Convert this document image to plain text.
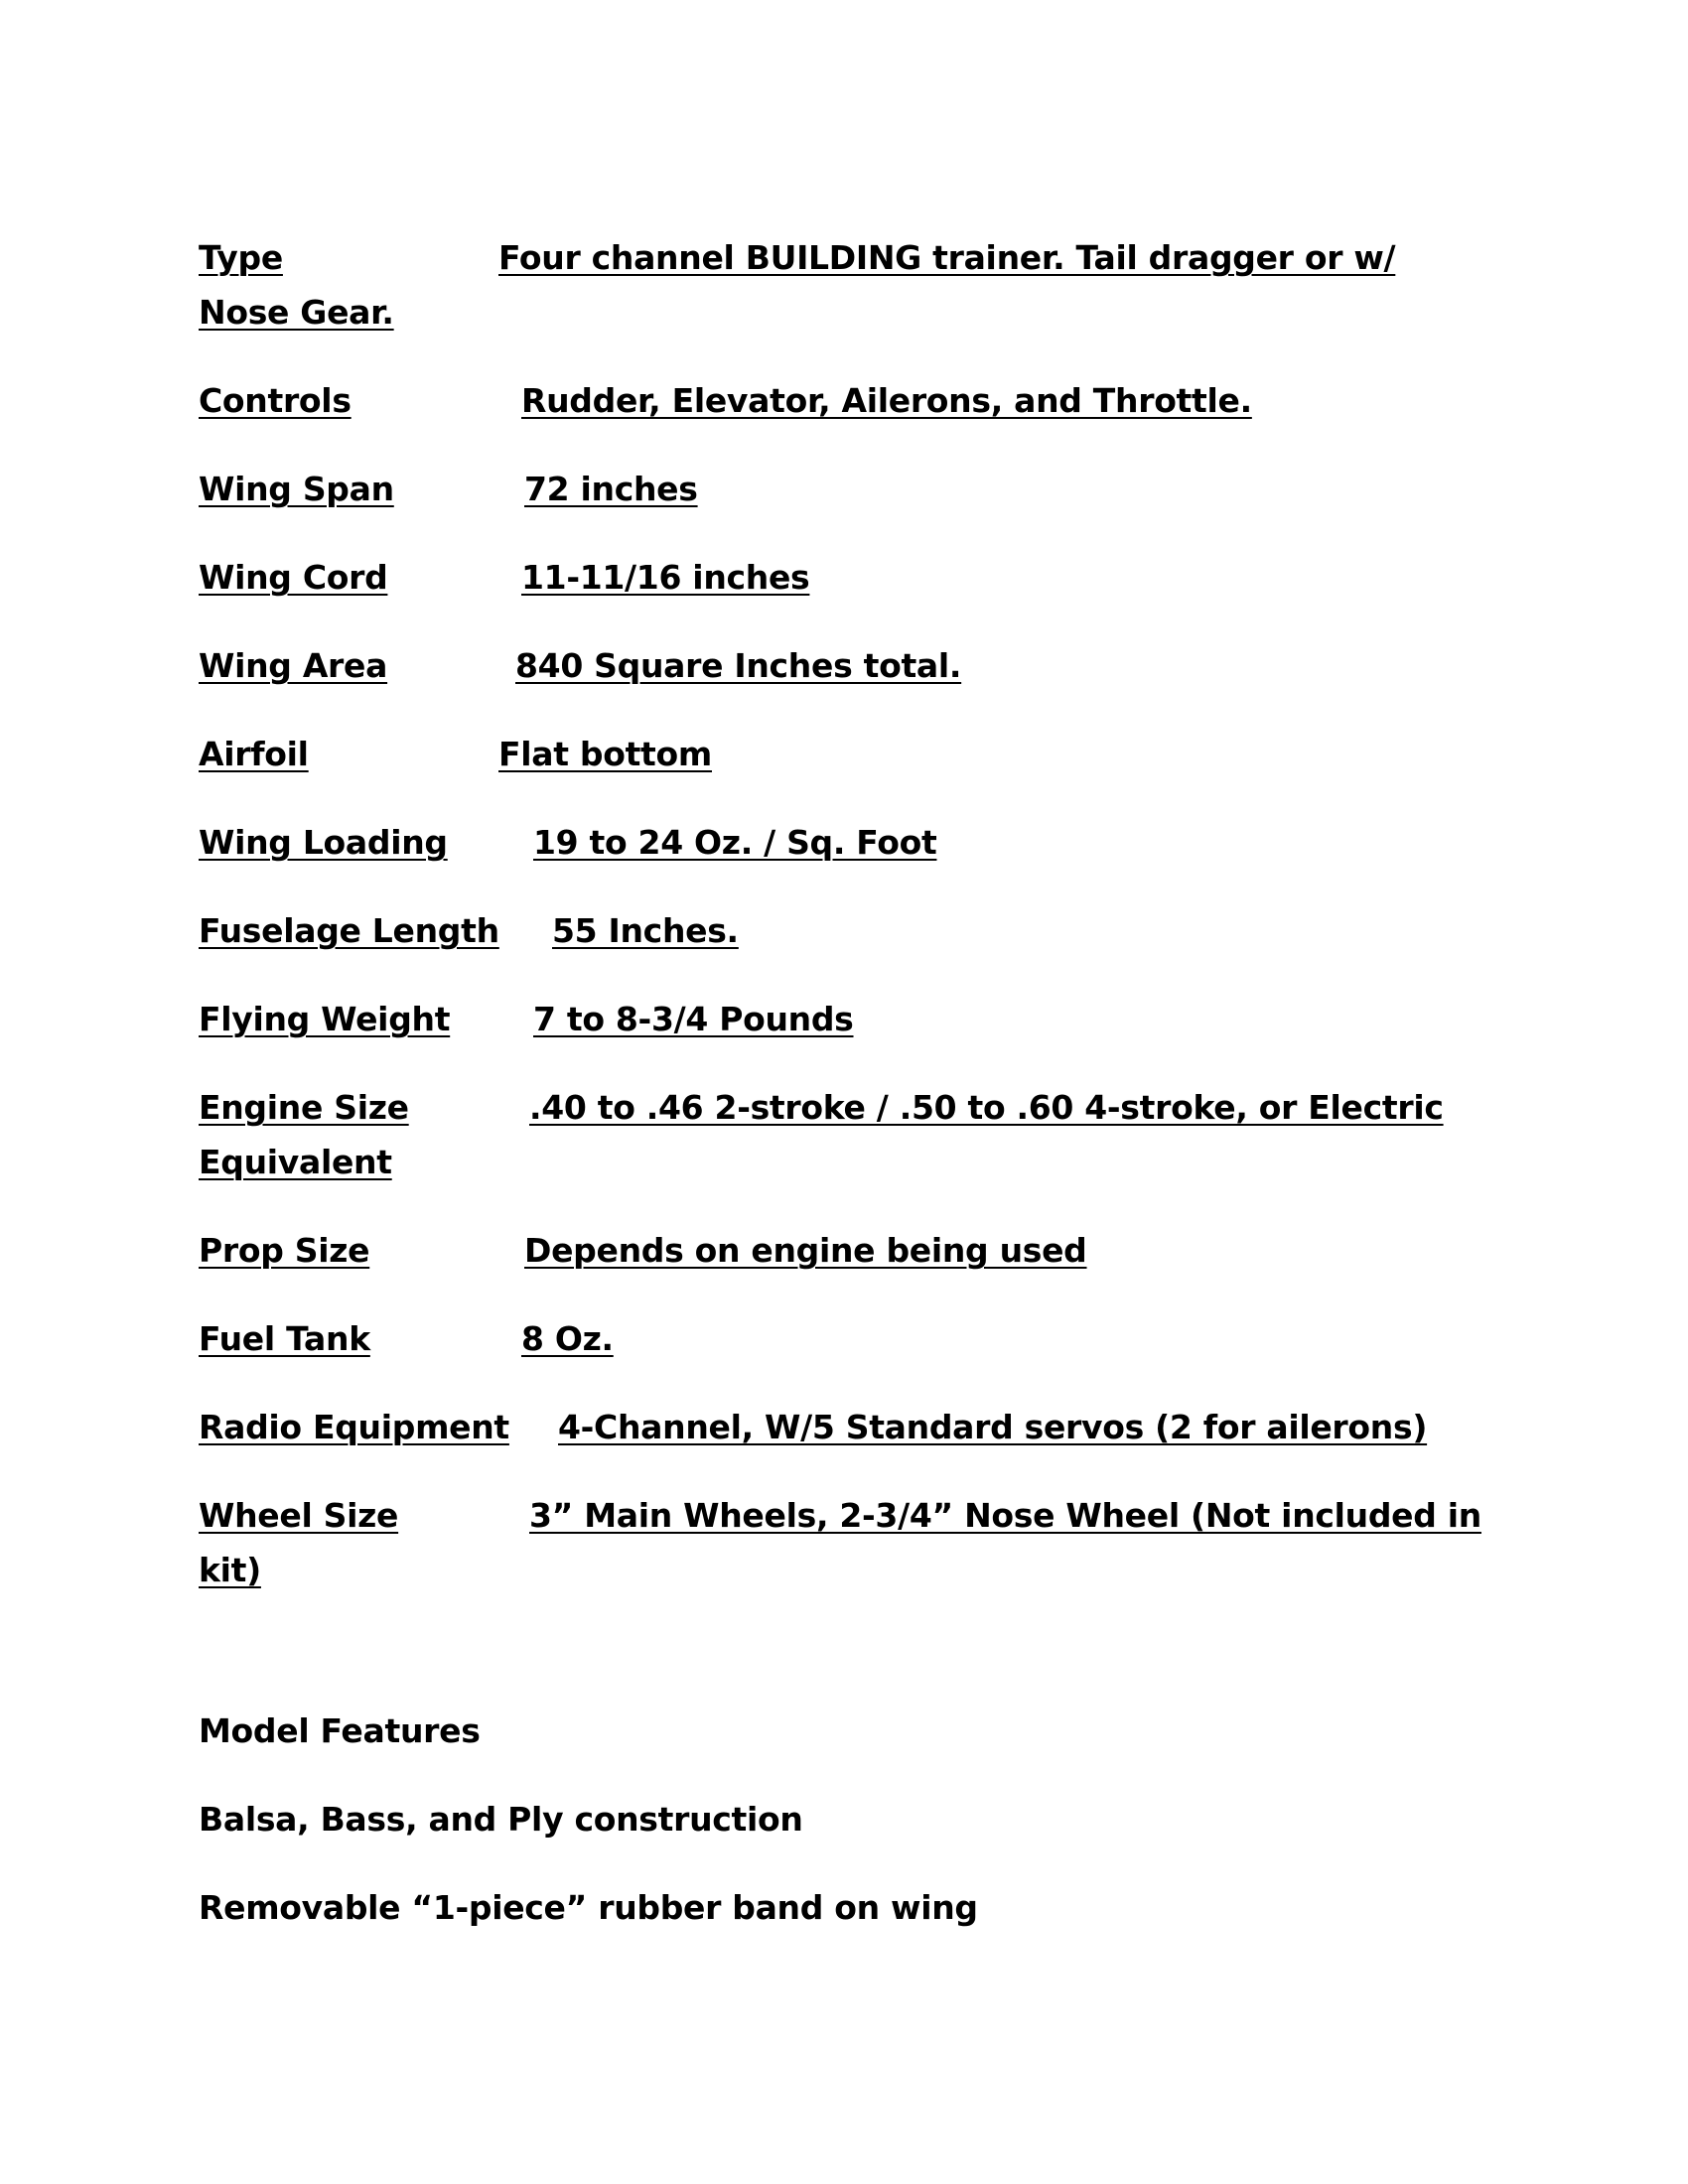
Type	Four channel BUILDING trainer. Tail dragger or w/ Nose Gear.

Controls	Rudder, Elevator, Ailerons, and Throttle.

Wing Span	72 inches

Wing Cord	11-11/16 inches

Wing Area	840 Square Inches total.

Airfoil	Flat bottom

Wing Loading	19 to 24 Oz. / Sq. Foot

Fuselage Length 55 Inches.

Flying Weight	7 to 8-3/4 Pounds

Engine Size	.40 to .46 2-stroke / .50 to .60 4-stroke, or Electric Equivalent

Prop Size	Depends on engine being used

Fuel Tank	8 Oz.

Radio Equipment 4-Channel, W/5 Standard servos (2 for ailerons)

Wheel Size	3” Main Wheels, 2-3/4” Nose Wheel (Not included in kit)

Model Features

Balsa, Bass, and Ply construction

Removable “1-piece” rubber band on wing
